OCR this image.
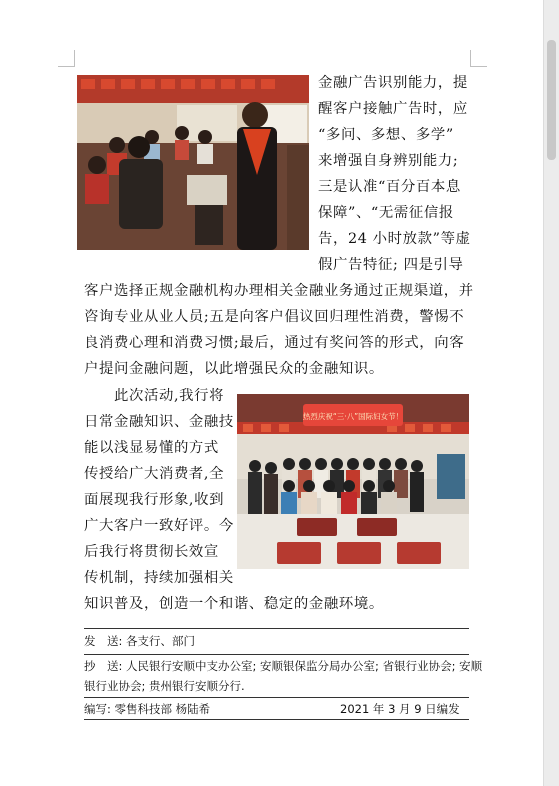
金融广告识别能力，提
醒客户接触广告时，应
“多问、多想、多学”
来增强自身辨别能力;
三是认准“百分百本息
保障”、“无需征信报
告，24 小时放款”等虚
假广告特征; 四是引导
客户选择正规金融机构办理相关金融业务通过正规渠道，并
咨询专业从业人员;五是向客户倡议回归理性消费，警惕不
良消费心理和消费习惯;最后，通过有奖问答的形式，向客
户提问金融问题，以此增强民众的金融知识。
此次活动,我行将
日常金融知识、金融技
能以浅显易懂的方式
传授给广大消费者,全
面展现我行形象,收到
广大客户一致好评。今
后我行将贯彻长效宣
传机制，持续加强相关
热烈庆祝“三·八”国际妇女节！
知识普及，创造一个和谐、稳定的金融环境。
发　送: 各支行、部门
抄　送: 人民银行安顺中支办公室; 安顺银保监分局办公室; 省银行业协会; 安顺
银行业协会; 贵州银行安顺分行.
编写: 零售科技部 杨陆希	2021 年 3 月 9 日编发
